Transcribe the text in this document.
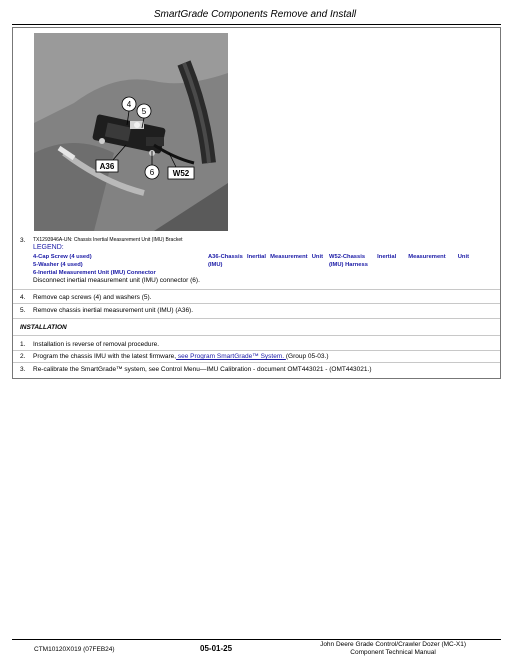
SmartGrade Components Remove and Install
4
5
A36
6 W52
3. TX1293946A-UN: Chassis Inertial Measurement Unit (IMU) Bracket
LEGEND:
4-Cap Screw (4 used)
5-Washer (4 used)
6-Inertial Measurement Unit (IMU) Connector
A36-Chassis Inertial Measurement Unit
(IMU)
W52-Chassis Inertial Measurement Unit
(IMU) Harness
Disconnect inertial measurement unit (IMU) connector (6).
4. Remove cap screws (4) and washers (5).
5. Remove chassis inertial measurement unit (IMU) (A36).
INSTALLATION
1. Installation is reverse of removal procedure.
2. Program the chassis IMU with the latest firmware, see Program SmartGrade™ System. (Group 05-03.)
3. Re-calibrate the SmartGrade™ system, see Control Menu—IMU Calibration - document OMT443021 - (OMT443021.)
CTM10120X019 (07FEB24)	05-01-25	John Deere Grade Control/Crawler Dozer (MC-X1)
Component Technical Manual
